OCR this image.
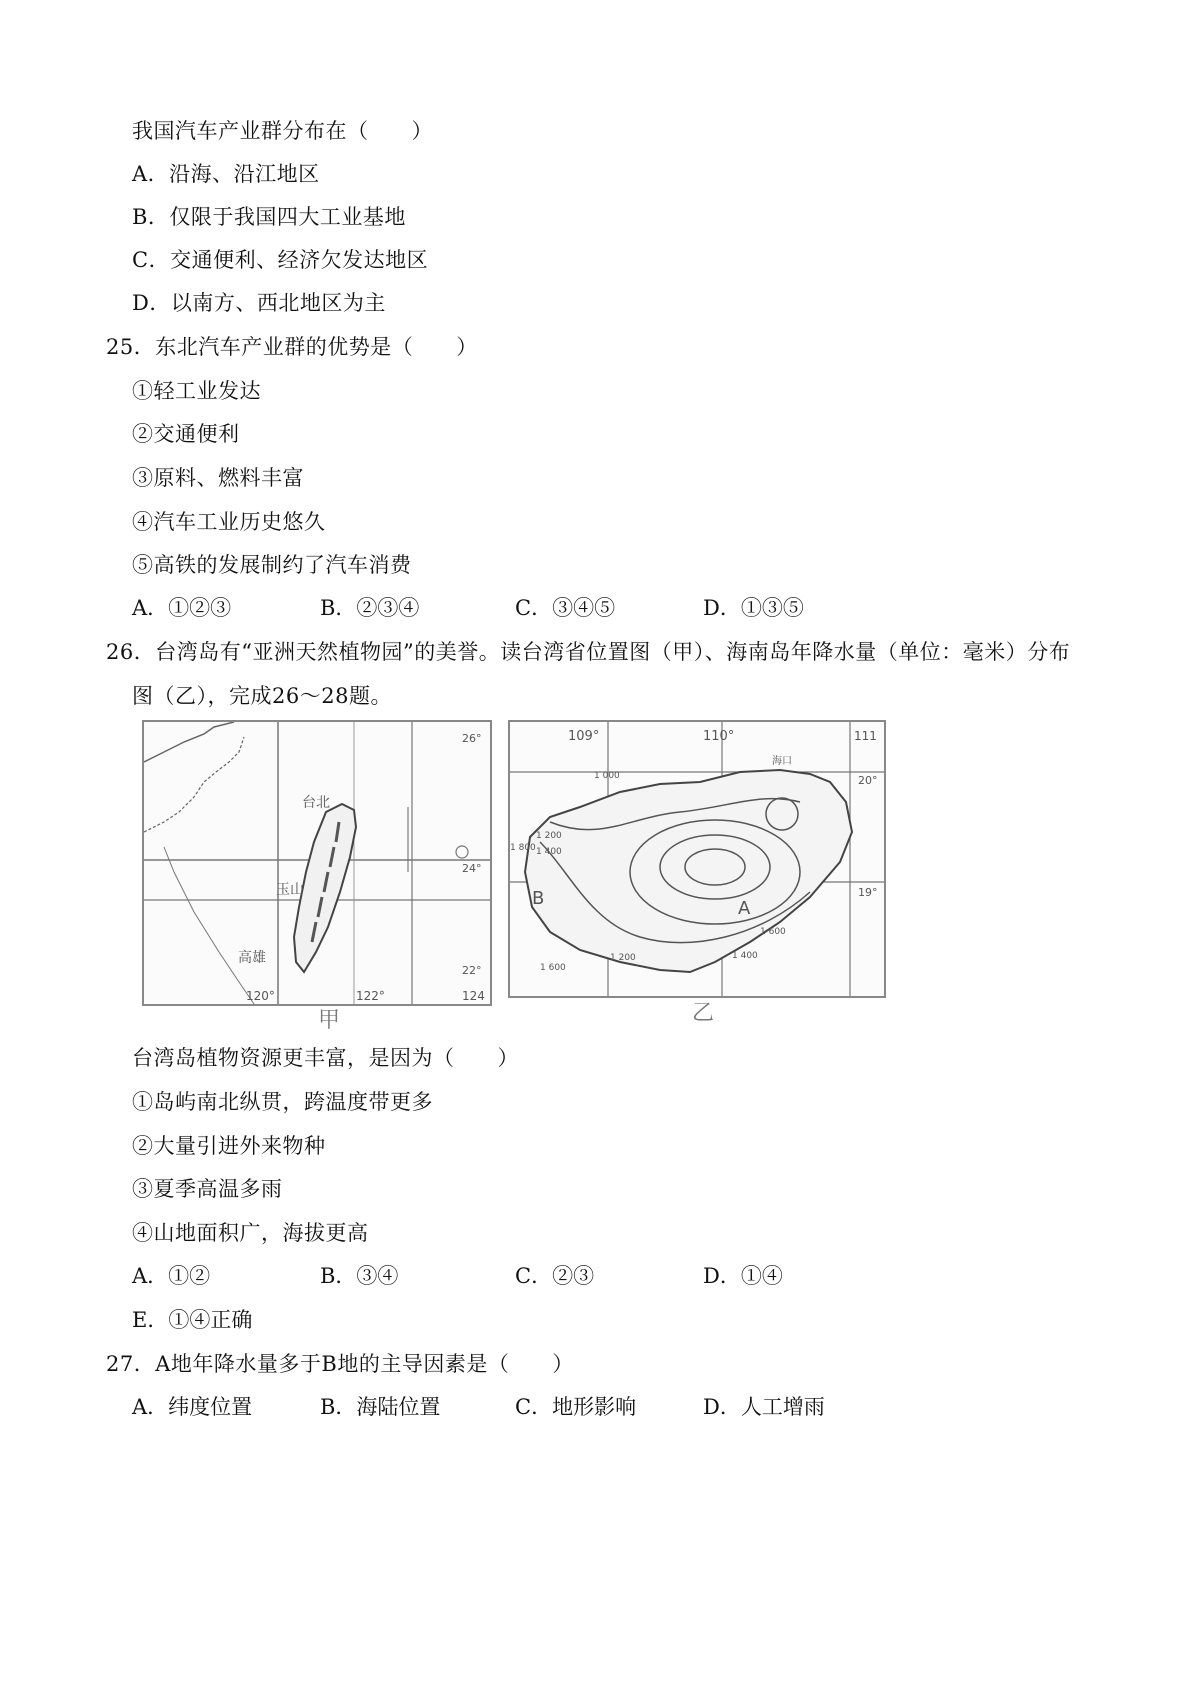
我国汽车产业群分布在（　　）
A．沿海、沿江地区
B．仅限于我国四大工业基地
C．交通便利、经济欠发达地区
D．以南方、西北地区为主
25．东北汽车产业群的优势是（　　）
①轻工业发达
②交通便利
③原料、燃料丰富
④汽车工业历史悠久
⑤高铁的发展制约了汽车消费
A．①②③	B．②③④	C．③④⑤	D．①③⑤
26．台湾岛有“亚洲天然植物园”的美誉。读台湾省位置图（甲）、海南岛年降水量（单位：毫米）分布
图（乙），完成26～28题。
台北
玉山
高雄
26°
24°
22°
120°	122°	124
甲
109°	110°	111
20°
19°
A
B
海口
1 800
1 200
1 400
1 000
1 200
1 600
1 400
1 600
乙
台湾岛植物资源更丰富，是因为（　　）
①岛屿南北纵贯，跨温度带更多
②大量引进外来物种
③夏季高温多雨
④山地面积广，海拔更高
A．①②	B．③④	C．②③	D．①④
E．①④正确
27．A地年降水量多于B地的主导因素是（　　）
A．纬度位置	B．海陆位置	C．地形影响	D．人工增雨
